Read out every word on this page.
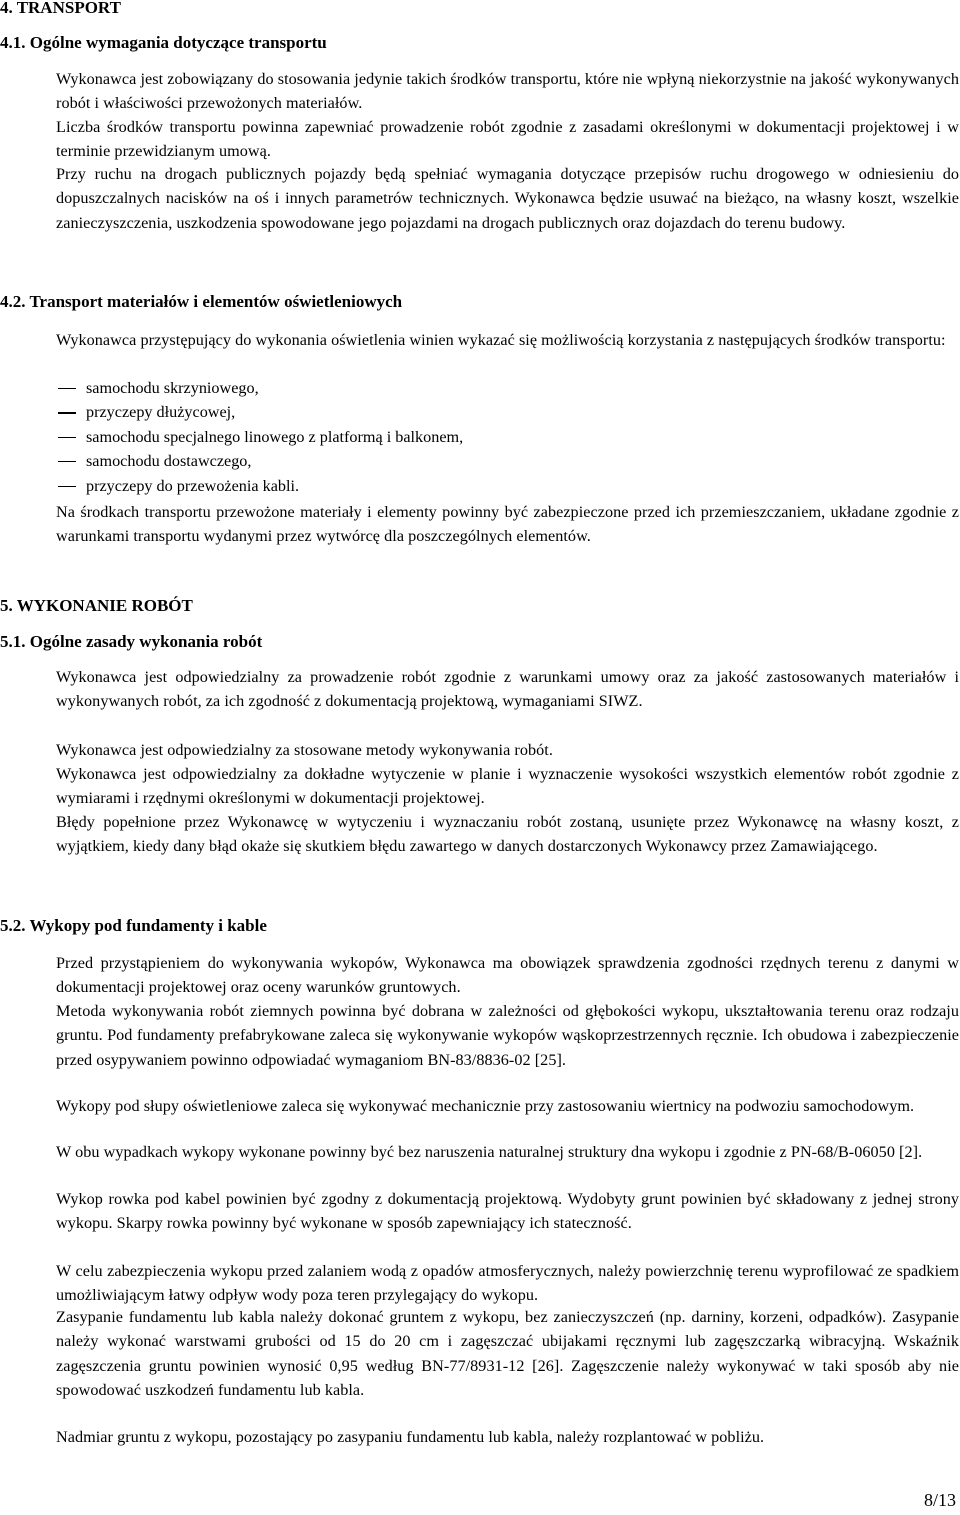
4. TRANSPORT
4.1. Ogólne wymagania dotyczące transportu

Wykonawca jest zobowiązany do stosowania jedynie takich środków transportu, które nie wpłyną niekorzystnie na jakość wykonywanych robót i właściwości przewożonych materiałów.

Liczba środków transportu powinna zapewniać prowadzenie robót zgodnie z zasadami określonymi w dokumentacji projektowej i w terminie przewidzianym umową.

Przy ruchu na drogach publicznych pojazdy będą spełniać wymagania dotyczące przepisów ruchu drogowego w odniesieniu do dopuszczalnych nacisków na oś i innych parametrów technicznych. Wykonawca będzie usuwać na bieżąco, na własny koszt, wszelkie zanieczyszczenia, uszkodzenia spowodowane jego pojazdami na drogach publicznych oraz dojazdach do terenu budowy.

4.2. Transport materiałów i elementów oświetleniowych

Wykonawca przystępujący do wykonania oświetlenia winien wykazać się możliwością korzystania z następujących środków transportu:

samochodu skrzyniowego,
przyczepy dłużycowej,
samochodu specjalnego linowego z platformą i balkonem,
samochodu dostawczego,
przyczepy do przewożenia kabli.

Na środkach transportu przewożone materiały i elementy powinny być zabezpieczone przed ich przemieszczaniem, układane zgodnie z warunkami transportu wydanymi przez wytwórcę dla poszczególnych elementów.

5. WYKONANIE ROBÓT
5.1. Ogólne zasady wykonania robót

Wykonawca jest odpowiedzialny za prowadzenie robót zgodnie z warunkami umowy oraz za jakość zastosowanych materiałów i wykonywanych robót, za ich zgodność z dokumentacją projektową, wymaganiami SIWZ.

Wykonawca jest odpowiedzialny za stosowane metody wykonywania robót.

Wykonawca jest odpowiedzialny za dokładne wytyczenie w planie i wyznaczenie wysokości wszystkich elementów robót zgodnie z wymiarami i rzędnymi określonymi w dokumentacji projektowej.

Błędy popełnione przez Wykonawcę w wytyczeniu i wyznaczaniu robót zostaną, usunięte przez Wykonawcę na własny koszt, z wyjątkiem, kiedy dany błąd okaże się skutkiem błędu zawartego w danych dostarczonych Wykonawcy przez Zamawiającego.

5.2. Wykopy pod fundamenty i kable

Przed przystąpieniem do wykonywania wykopów, Wykonawca ma obowiązek sprawdzenia zgodności rzędnych terenu z danymi w dokumentacji projektowej oraz oceny warunków gruntowych.

Metoda wykonywania robót ziemnych powinna być dobrana w zależności od głębokości wykopu, ukształtowania terenu oraz rodzaju gruntu. Pod fundamenty prefabrykowane zaleca się wykonywanie wykopów wąskoprzestrzennych ręcznie. Ich obudowa i zabezpieczenie przed osypywaniem powinno odpowiadać wymaganiom BN-83/8836-02 [25].

Wykopy pod słupy oświetleniowe zaleca się wykonywać mechanicznie przy zastosowaniu wiertnicy na podwoziu samochodowym.

W obu wypadkach wykopy wykonane powinny być bez naruszenia naturalnej struktury dna wykopu i zgodnie z PN-68/B-06050 [2].

Wykop rowka pod kabel powinien być zgodny z dokumentacją projektową. Wydobyty grunt powinien być składowany z jednej strony wykopu. Skarpy rowka powinny być wykonane w sposób zapewniający ich stateczność.

W celu zabezpieczenia wykopu przed zalaniem wodą z opadów atmosferycznych, należy powierzchnię terenu wyprofilować ze spadkiem umożliwiającym łatwy odpływ wody poza teren przylegający do wykopu.

Zasypanie fundamentu lub kabla należy dokonać gruntem z wykopu, bez zanieczyszczeń (np. darniny, korzeni, odpadków). Zasypanie należy wykonać warstwami grubości od 15 do 20 cm i zagęszczać ubijakami ręcznymi lub zagęszczarką wibracyjną. Wskaźnik zagęszczenia gruntu powinien wynosić 0,95 według BN-77/8931-12 [26]. Zagęszczenie należy wykonywać w taki sposób aby nie spowodować uszkodzeń fundamentu lub kabla.

Nadmiar gruntu z wykopu, pozostający po zasypaniu fundamentu lub kabla, należy rozplantować w pobliżu.

8/13
